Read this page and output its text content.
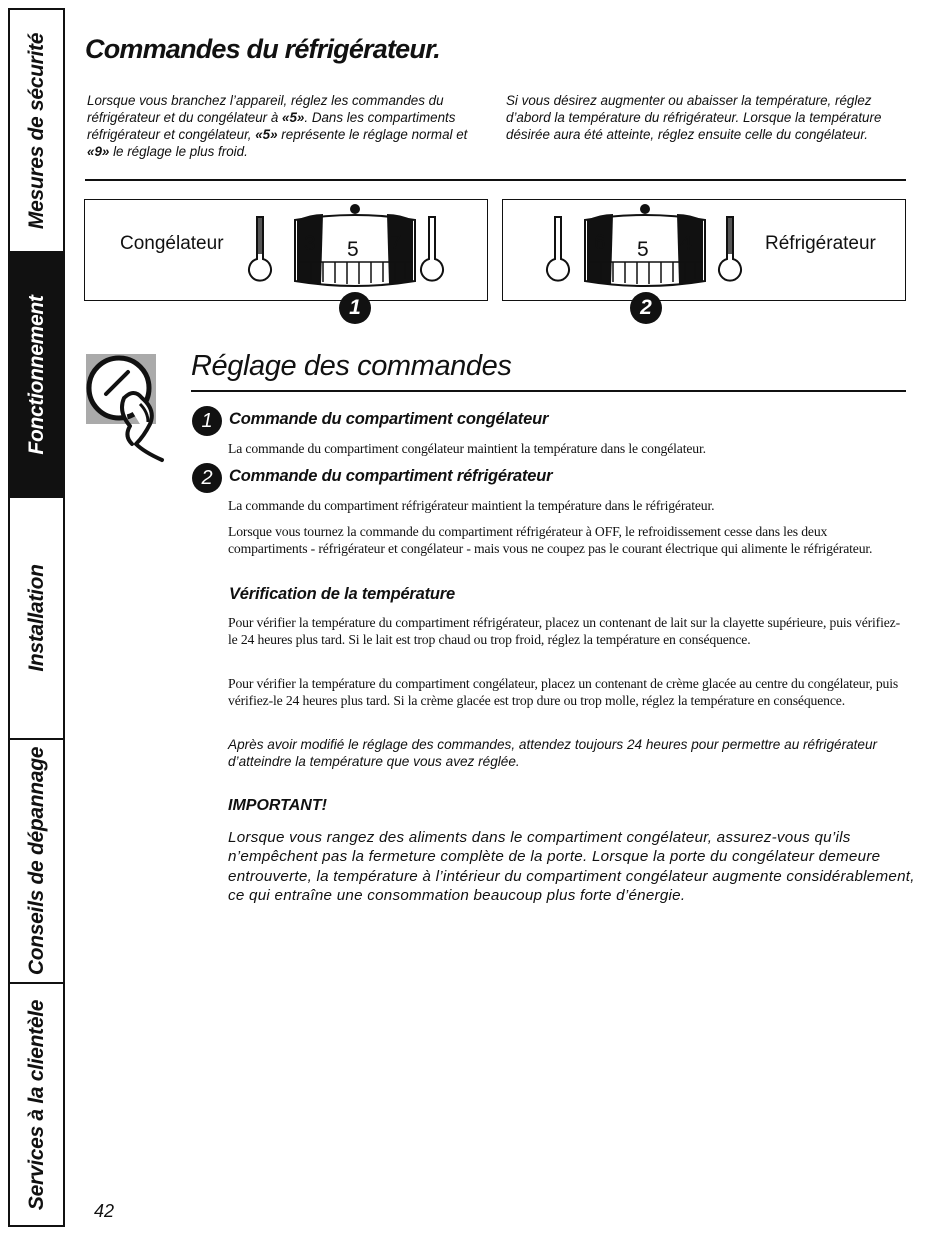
Mesures de sécurité
Fonctionnement
Installation
Conseils de dépannage
Services à la clientèle
Commandes du réfrigérateur.

Lorsque vous branchez l’appareil, réglez les commandes du réfrigérateur et du congélateur à «5». Dans les compartiments réfrigérateur et congélateur, «5» représente le réglage normal et «9» le réglage le plus froid.

Si vous désirez augmenter ou abaisser la température, réglez d’abord la température du réfrigérateur. Lorsque la température désirée aura été atteinte, réglez ensuite celle du congélateur.

Congélateur	3 5 7
1
Réfrigérateur
6 5 4
2
Réglage des commandes
1 Commande du compartiment congélateur

La commande du compartiment congélateur maintient la température dans le congélateur.

2 Commande du compartiment réfrigérateur

La commande du compartiment réfrigérateur maintient la température dans le réfrigérateur.

Lorsque vous tournez la commande du compartiment réfrigérateur à OFF, le refroidissement cesse dans les deux compartiments - réfrigérateur et congélateur - mais vous ne coupez pas le courant électrique qui alimente le réfrigérateur.

Vérification de la température

Pour vérifier la température du compartiment réfrigérateur, placez un contenant de lait sur la clayette supérieure, puis vérifiez-le 24 heures plus tard. Si le lait est trop chaud ou trop froid, réglez la température en conséquence.

Pour vérifier la température du compartiment congélateur, placez un contenant de crème glacée au centre du congélateur, puis vérifiez-le 24 heures plus tard. Si la crème glacée est trop dure ou trop molle, réglez la température en conséquence.

Après avoir modifié le réglage des commandes, attendez toujours 24 heures pour permettre au réfrigérateur d’atteindre la température que vous avez réglée.

IMPORTANT!

Lorsque vous rangez des aliments dans le compartiment congélateur, assurez-vous qu’ils n’empêchent pas la fermeture complète de la porte. Lorsque la porte du congélateur demeure entrouverte, la température à l’intérieur du compartiment congélateur augmente considérablement, ce qui entraîne une consommation beaucoup plus forte d’énergie.

42
